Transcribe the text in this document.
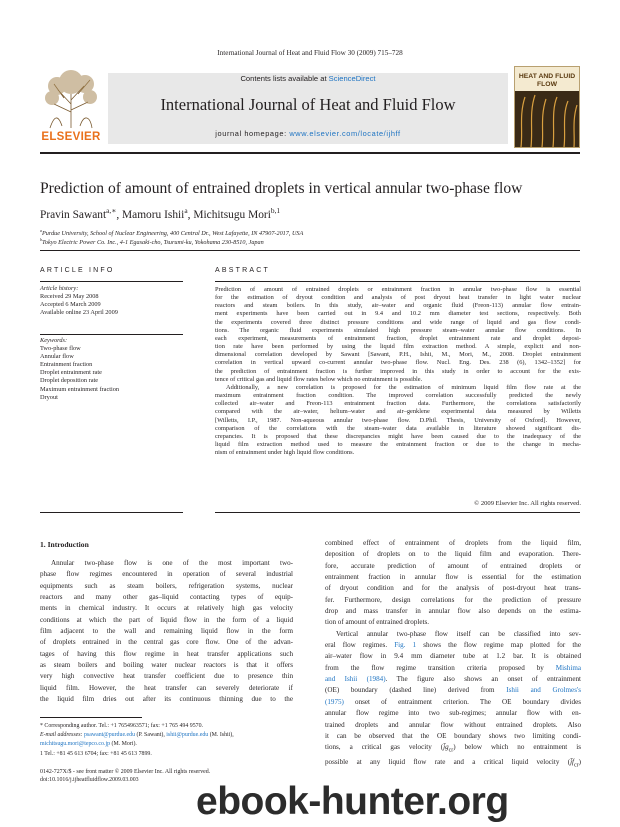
International Journal of Heat and Fluid Flow 30 (2009) 715–728
ELSEVIER
Contents lists available at ScienceDirect
International Journal of Heat and Fluid Flow
journal homepage: www.elsevier.com/locate/ijhff
HEAT AND FLUID FLOW
Prediction of amount of entrained droplets in vertical annular two-phase flow
Pravin Sawant$^{a,∗}$, Mamoru Ishii$^a$, Michitsugu Mori$^{b,1}$
$^a$Purdue University, School of Nuclear Engineering, 400 Central Dr., West Lafayette, IN 47907-2017, USA
$^b$Tokyo Electric Power Co. Inc., 4-1 Egasaki-cho, Tsurumi-ku, Yokohama 230-8510, Japan
ARTICLE INFO
Article history:
Received 29 May 2008
Accepted 6 March 2009
Available online 23 April 2009
Keywords:
Two-phase flow
Annular flow
Entrainment fraction
Droplet entrainment rate
Droplet deposition rate
Maximum entrainment fraction
Dryout
ABSTRACT
Prediction of amount of entrained droplets or entrainment fraction in annular two-phase flow is essential
for the estimation of dryout condition and analysis of post dryout heat transfer in light water nuclear
reactors and steam boilers. In this study, air–water and organic fluid (Freon-113) annular flow entrain-
ment experiments have been carried out in 9.4 and 10.2 mm diameter test sections, respectively. Both
the experiments covered three distinct pressure conditions and wide range of liquid and gas flow condi-
tions. The organic fluid experiments simulated high pressure steam–water annular flow conditions. In
each experiment, measurements of entrainment fraction, droplet entrainment rate and droplet deposi-
tion rate have been performed by using the liquid film extraction method. A simple, explicit and non-
dimensional correlation developed by Sawant [Sawant, P.H., Ishii, M., Mori, M., 2008. Droplet entrainment
correlation in vertical upward co-current annular two-phase flow. Nucl. Eng. Des. 238 (6), 1342–1352] for
the prediction of entrainment fraction is further improved in this study in order to account for the exis-
tence of critical gas and liquid flow rates below which no entrainment is possible.
Additionally, a new correlation is proposed for the estimation of minimum liquid film flow rate at the
maximum entrainment fraction condition. The improved correlation successfully predicted the newly
collected air–water and Freon-113 entrainment fraction data. Furthermore, the correlations satisfactorily
compared with the air–water, helium–water and air–genklene experimental data measured by Willetts
[Willetts, I.P., 1987. Non-aqueous annular two-phase flow. D.Phil. Thesis, University of Oxford]. However,
comparison of the correlations with the steam–water data available in literature showed significant dis-
crepancies. It is proposed that these discrepancies might have been caused due to the inadequacy of the
liquid film extraction method used to measure the entrainment fraction or due to the change in mecha-
nism of entrainment under high liquid flow conditions.
© 2009 Elsevier Inc. All rights reserved.
1. Introduction
Annular two-phase flow is one of the most important two-
phase flow regimes encountered in operation of several industrial
equipments such as steam boilers, refrigeration systems, nuclear
reactors and many other gas–liquid contacting types of equip-
ments in chemical industry. It occurs at relatively high gas velocity
conditions at which the part of liquid flow in the form of a liquid
film adjacent to the wall and remaining liquid flow in the form
of droplets entrained in the central gas core flow. One of the advan-
tages of having this flow regime in heat transfer applications such
as steam boilers and boiling water nuclear reactors is that it offers
very high convective heat transfer coefficient due to presence thin
liquid film. However, the heat transfer can severely deteriorate if
the liquid film dries out after its continuous thinning due to the
combined effect of entrainment of droplets from the liquid film,
deposition of droplets on to the liquid film and evaporation. There-
fore, accurate prediction of amount of entrained droplets or
entrainment fraction in annular flow is essential for the estimation
of dryout condition and for the analysis of post-dryout heat trans-
fer. Furthermore, design correlations for the prediction of pressure
drop and mass transfer in annular flow also depends on the estima-
tion of amount of entrained droplets.
Vertical annular two-phase flow itself can be classified into sev-
eral flow regimes. Fig. 1 shows the flow regime map plotted for the
air–water flow in 9.4 mm diameter tube at 1.2 bar. It is obtained
from the flow regime transition criteria proposed by Mishima
and Ishii (1984). The figure also shows an onset of entrainment
(OE) boundary (dashed line) derived from Ishii and Grolmes's
(1975) onset of entrainment criterion. The OE boundary divides
annular flow regime into two sub-regimes; annular flow with en-
trained droplets and annular flow without entrained droplets. Also
it can be observed that the OE boundary shows two limiting condi-
tions, a critical gas velocity $(j̄g_{cr})$ below which no entrainment is
possible at any liquid flow rate and a critical liquid velocity $(j̄f_{cr})$
* Corresponding author. Tel.: +1 7654963571; fax: +1 765 494 9570.
E-mail addresses: psawant@purdue.edu (P. Sawant), ishii@purdue.edu (M. Ishii),
michitsugu.mori@tepco.co.jp (M. Mori).
1 Tel.: +81 45 613 6704; fax: +81 45 613 7899.
0142-727X/$ - see front matter © 2009 Elsevier Inc. All rights reserved.
doi:10.1016/j.ijheatfluidflow.2009.03.003 ebook-hunter.org
